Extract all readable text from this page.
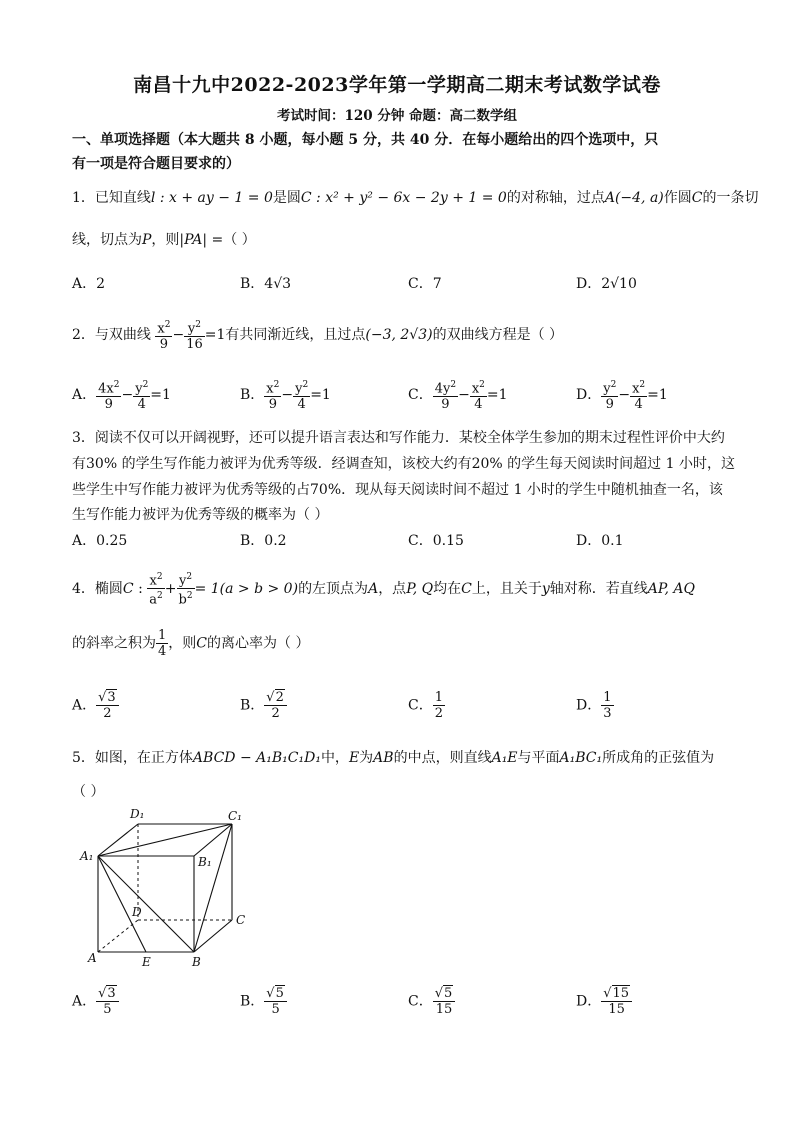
南昌十九中2022-2023学年第一学期高二期末考试数学试卷
考试时间：120 分钟 命题：高二数学组
一、单项选择题（本大题共 8 小题，每小题 5 分，共 40 分．在每小题给出的四个选项中，只
有一项是符合题目要求的）
1．已知直线l : x + ay − 1 = 0是圆C : x² + y² − 6x − 2y + 1 = 0的对称轴，过点A(−4, a)作圆C的一条切
线，切点为P，则|PA| =（ ）
A．2	B．4√3	C．7	D．2√10
2．与双曲线 $\frac{x^2}{9} - \frac{y^2}{16} =1$有共同渐近线，且过点(−3, 2√3)的双曲线方程是（ ）
A． $\frac{4x^2}{9} - \frac{y^2}{4} =1$	B． $\frac{x^2}{9} - \frac{y^2}{4} =1$	C． $\frac{4y^2}{9} - \frac{x^2}{4} =1$	D． $\frac{y^2}{9} - \frac{x^2}{4} =1$
3．阅读不仅可以开阔视野，还可以提升语言表达和写作能力．某校全体学生参加的期末过程性评价中大约
有30% 的学生写作能力被评为优秀等级．经调查知，该校大约有20% 的学生每天阅读时间超过 1 小时，这
些学生中写作能力被评为优秀等级的占70%．现从每天阅读时间不超过 1 小时的学生中随机抽查一名，该
生写作能力被评为优秀等级的概率为（ ）
A．0.25	B．0.2	C．0.15	D．0.1
4．椭圆C : $\frac{x^2}{a^2} + \frac{y^2}{b^2} = 1(a > b > 0)$的左顶点为A，点P, Q均在C上，且关于y轴对称．若直线AP, AQ
的斜率之积为 $\frac{1}{4}$ ，则C的离心率为（ ）
A． $\frac{√3}{2}$	B． $\frac{√2}{2}$	C． $\frac{1}{2}$	D． $\frac{1}{3}$
5．如图，在正方体ABCD − A₁B₁C₁D₁中，E为AB的中点，则直线A₁E与平面A₁BC₁所成角的正弦值为
（ ）
D₁	C₁
A₁	B₁
D
C
A	E	B
A． $\frac{√3}{5}$	B． $\frac{√5}{5}$	C． $\frac{√5}{15}$	D． $\frac{√15}{15}$
